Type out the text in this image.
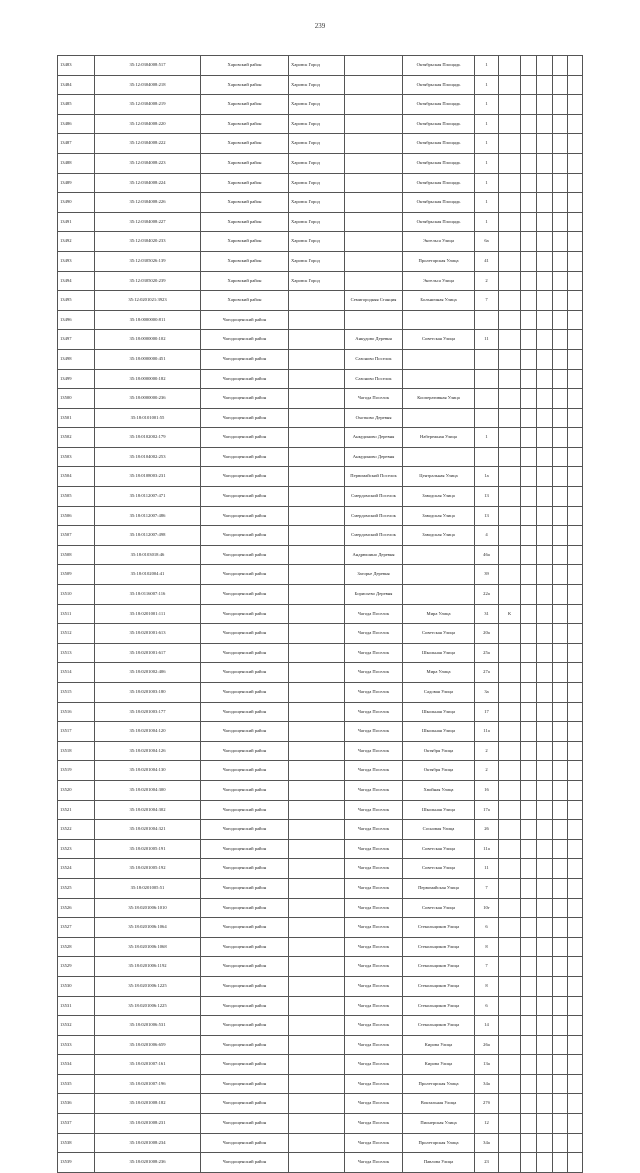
239
13483	35:12:0304008:517	Харовский район	Харовск Город		Октябрьская Площадь	1					
13484	35:12:0304008:218	Харовский район	Харовск Город		Октябрьская Площадь	1					
13485	35:12:0304008:219	Харовский район	Харовск Город		Октябрьская Площадь	1					
13486	35:12:0304008:220	Харовский район	Харовск Город		Октябрьская Площадь	1					
13487	35:12:0304008:222	Харовский район	Харовск Город		Октябрьская Площадь	1					
13488	35:12:0304008:223	Харовский район	Харовск Город		Октябрьская Площадь	1					
13489	35:12:0304008:224	Харовский район	Харовск Город		Октябрьская Площадь	1					
13490	35:12:0304008:226	Харовский район	Харовск Город		Октябрьская Площадь	1					
13491	35:12:0304008:227	Харовский район	Харовск Город		Октябрьская Площадь	1					
13492	35:12:0304020:233	Харовский район	Харовск Город		Энгельса Улица	6а					
13493	35:12:0305026:139	Харовский район	Харовск Город		Пролетарская Улица	41					
13494	35:12:0305020:239	Харовский район	Харовск Город		Энгельса Улица	2					
13495	35:12:0201021:3923	Харовский район		Семигородняя Станция	Больничная Улица	7					
13496	35:18:0000000:811	Чагодощенский район									
13497	35:18:0000000:102	Чагодощенский район		Анкудово Деревня	Советская Улица	11					
13498	35:18:0000000:451	Чагодощенский район		Сазоново Поселок							
13499	35:18:0000000:182	Чагодощенский район		Сазоново Поселок							
13500	35:18:0000000:236	Чагодощенский район		Чагода Поселок	Кооперативная Улица						
13501	35:18:0101001:55	Чагодощенский район		Охотково Деревня							
13502	35:18:0102002:179	Чагодощенский район		Анкудиново Деревня	Набережная Улица	1					
13503	35:18:0104002:253	Чагодощенский район		Анкудиново Деревня							
13504	35:18:0108003:231	Чагодощенский район		Первомайский Поселок	Центральная Улица	1а					
13505	35:18:0112007:471	Чагодощенский район		Смердомский Поселок	Заводская Улица	13					
13506	35:18:0112007:486	Чагодощенский район		Смердомский Поселок	Заводская Улица	13					
13507	35:18:0112007:498	Чагодощенский район		Смердомский Поселок	Заводская Улица	4					
13508	35:18:0103018:46	Чагодощенский район		Андрюшино Деревня		46а					
13509	35:18:0102004:41	Чагодощенский район		Загорье Деревня		39					
13510	35:18:0116007:116	Чагодощенский район		Борисьево Деревня		22а					
13511	35:18:0201001:111	Чагодощенский район		Чагода Поселок	Мира Улица	31	К				
13512	35:18:0201001:613	Чагодощенский район		Чагода Поселок	Советская Улица	20а					
13513	35:18:0201001:617	Чагодощенский район		Чагода Поселок	Школьная Улица	25а					
13514	35:18:0201002:406	Чагодощенский район		Чагода Поселок	Мира Улица	27а					
13515	35:18:0201003:180	Чагодощенский район		Чагода Поселок	Садовая Улица	3а					
13516	35:18:0201003:177	Чагодощенский район		Чагода Поселок	Школьная Улица	17					
13517	35:18:0201004:120	Чагодощенский район		Чагода Поселок	Школьная Улица	11а					
13518	35:18:0201004:126	Чагодощенский район		Чагода Поселок	Октября Улица	2					
13519	35:18:0201004:130	Чагодощенский район		Чагода Поселок	Октября Улица	2					
13520	35:18:0201004:300	Чагодощенский район		Чагода Поселок	Хвойная Улица	16					
13521	35:18:0201004:302	Чагодощенский район		Чагода Поселок	Школьная Улица	17а					
13522	35:18:0201004:321	Чагодощенский район		Чагода Поселок	Сосновая Улица	26					
13523	35:18:0201005:191	Чагодощенский район		Чагода Поселок	Советская Улица	11а					
13524	35:18:0201005:192	Чагодощенский район		Чагода Поселок	Советская Улица	11					
13525	35:18:0201005:51	Чагодощенский район		Чагода Поселок	Первомайская Улица	7					
13526	35:18:0201006:1010	Чагодощенский район		Чагода Поселок	Советская Улица	10г					
13527	35:18:0201006:1064	Чагодощенский район		Чагода Поселок	Стекольщиков Улица	6					
13528	35:18:0201006:1068	Чагодощенский район		Чагода Поселок	Стекольщиков Улица	8					
13529	35:18:0201006:1192	Чагодощенский район		Чагода Поселок	Стекольщиков Улица	7					
13530	35:18:0201006:1225	Чагодощенский район		Чагода Поселок	Стекольщиков Улица	8					
13531	35:18:0201006:1225	Чагодощенский район		Чагода Поселок	Стекольщиков Улица	6					
13532	35:18:0201006:531	Чагодощенский район		Чагода Поселок	Стекольщиков Улица	14					
13533	35:18:0201006:659	Чагодощенский район		Чагода Поселок	Кирова Улица	26а					
13534	35:18:0201007:161	Чагодощенский район		Чагода Поселок	Кирова Улица	13а					
13535	35:18:0201007:196	Чагодощенский район		Чагода Поселок	Пролетарская Улица	34а					
13536	35:18:0201008:182	Чагодощенский район		Чагода Поселок	Вокзальная Улица	27б					
13537	35:18:0201008:231	Чагодощенский район		Чагода Поселок	Пионерская Улица	12					
13538	35:18:0201008:234	Чагодощенский район		Чагода Поселок	Пролетарская Улица	34а					
13539	35:18:0201008:236	Чагодощенский район		Чагода Поселок	Павлова Улица	23					
